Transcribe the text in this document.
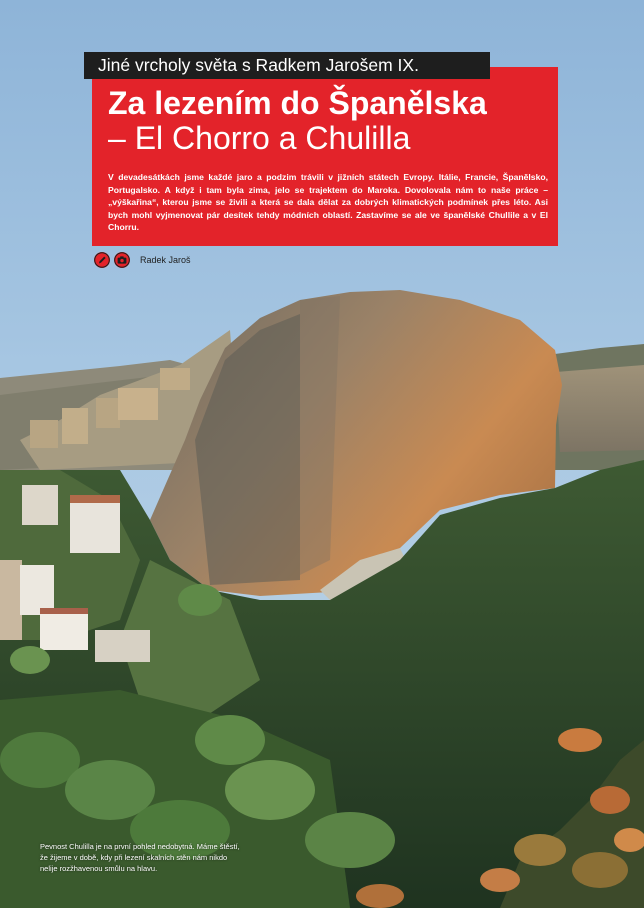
Jiné vrcholy světa s Radkem Jarošem IX.
Za lezením do Španělska
– El Chorro a Chulilla
V devadesátkách jsme každé jaro a podzim trávili v jižních státech Evropy. Itálie, Francie, Španělsko, Portugalsko. A když i tam byla zima, jelo se trajektem do Maroka. Dovolovala nám to naše práce – „výškařina“, kterou jsme se živili a která se dala dělat za dobrých klimatických podmínek přes léto. Asi bych mohl vyjmenovat pár desítek tehdy módních oblastí. Zastavíme se ale ve španělské Chullile a v El Chorru.
Radek Jaroš
Pevnost Chulilla je na první pohled nedobytná. Máme štěstí, že žijeme v době, kdy při lezení skalních stěn nám nikdo nelije rozžhavenou smůlu na hlavu.
